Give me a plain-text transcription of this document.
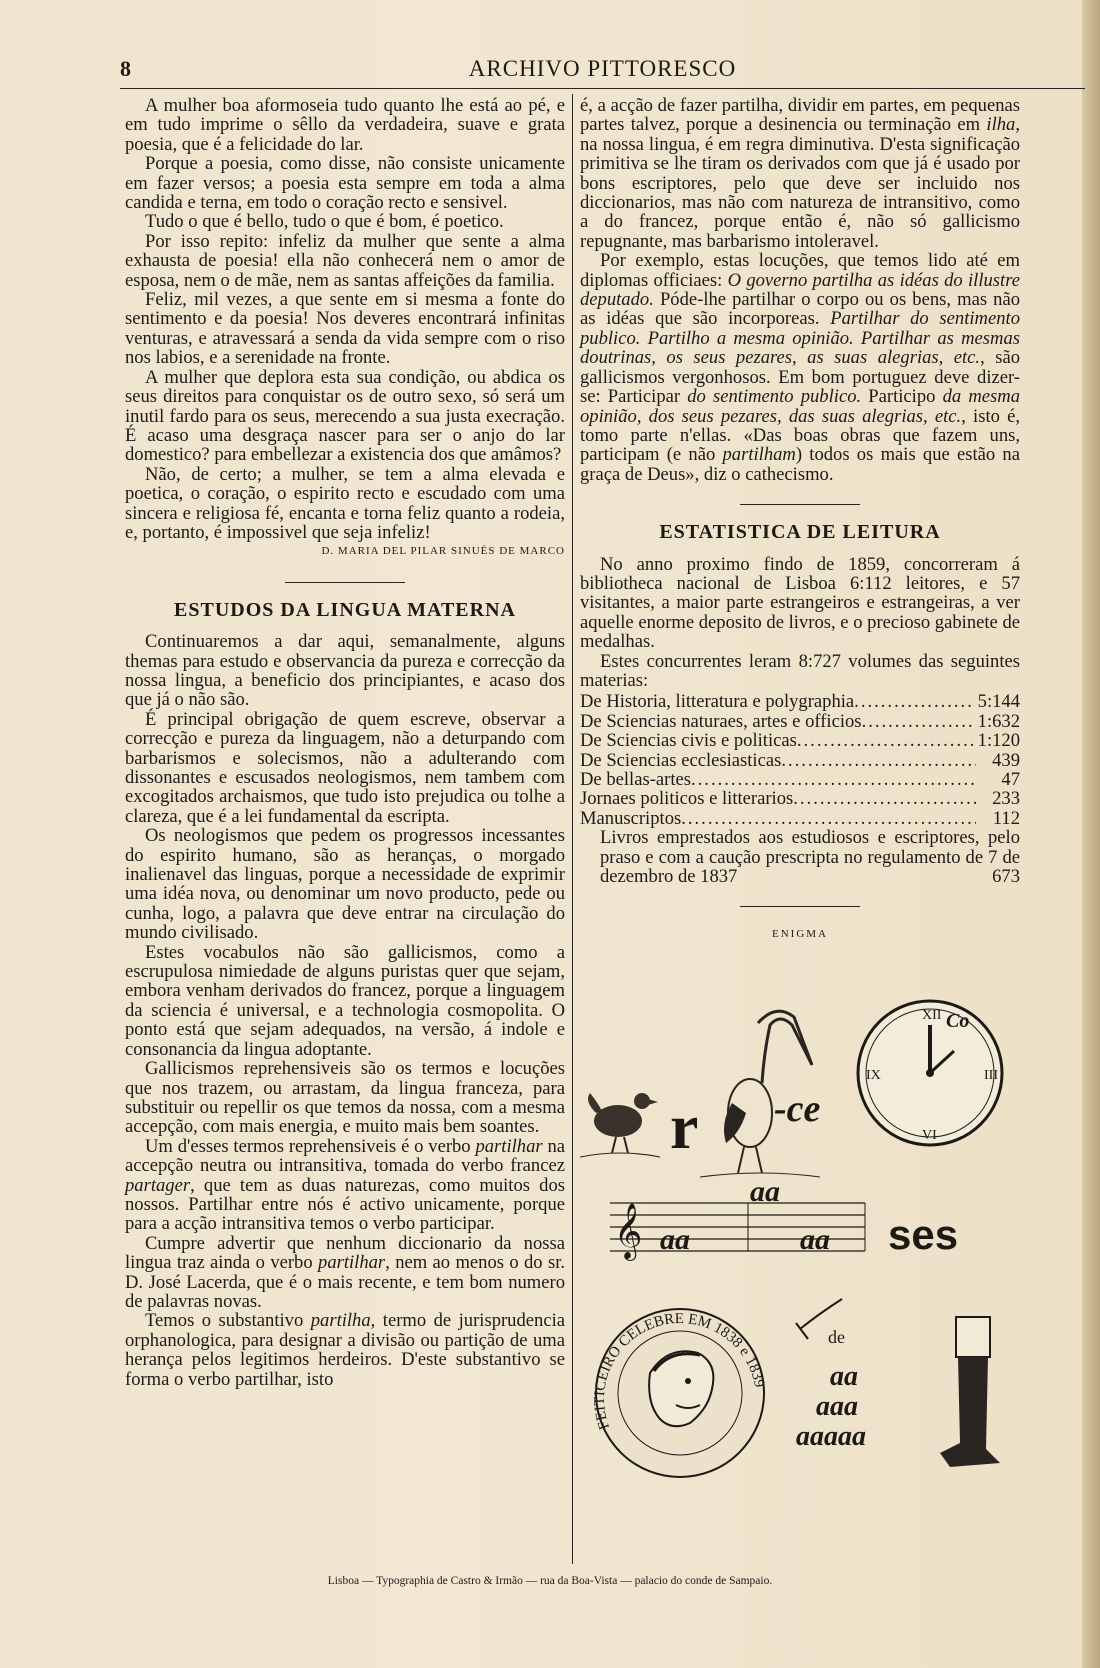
8	ARCHIVO PITTORESCO

A mulher boa aformoseia tudo quanto lhe está ao pé, e em tudo imprime o sêllo da verdadeira, suave e grata poesia, que é a felicidade do lar.

Porque a poesia, como disse, não consiste unicamente em fazer versos; a poesia esta sempre em toda a alma candida e terna, em todo o coração recto e sensivel.

Tudo o que é bello, tudo o que é bom, é poetico.

Por isso repito: infeliz da mulher que sente a alma exhausta de poesia! ella não conhecerá nem o amor de esposa, nem o de mãe, nem as santas affeições da familia.

Feliz, mil vezes, a que sente em si mesma a fonte do sentimento e da poesia! Nos deveres encontrará infinitas venturas, e atravessará a senda da vida sempre com o riso nos labios, e a serenidade na fronte.

A mulher que deplora esta sua condição, ou abdica os seus direitos para conquistar os de outro sexo, só será um inutil fardo para os seus, merecendo a sua justa execração. É acaso uma desgraça nascer para ser o anjo do lar domestico? para embellezar a existencia dos que amâmos?

Não, de certo; a mulher, se tem a alma elevada e poetica, o coração, o espirito recto e escudado com uma sincera e religiosa fé, encanta e torna feliz quanto a rodeia, e, portanto, é impossivel que seja infeliz!

D. MARIA DEL PILAR SINUÉS DE MARCO

ESTUDOS DA LINGUA MATERNA

Continuaremos a dar aqui, semanalmente, alguns themas para estudo e observancia da pureza e correcção da nossa lingua, a beneficio dos principiantes, e acaso dos que já o não são.

É principal obrigação de quem escreve, observar a correcção e pureza da linguagem, não a deturpando com barbarismos e solecismos, não a adulterando com dissonantes e escusados neologismos, nem tambem com excogitados archaismos, que tudo isto prejudica ou tolhe a clareza, que é a lei fundamental da escripta.

Os neologismos que pedem os progressos incessantes do espirito humano, são as heranças, o morgado inalienavel das linguas, porque a necessidade de exprimir uma idéa nova, ou denominar um novo producto, pede ou cunha, logo, a palavra que deve entrar na circulação do mundo civilisado.

Estes vocabulos não são gallicismos, como a escrupulosa nimiedade de alguns puristas quer que sejam, embora venham derivados do francez, porque a linguagem da sciencia é universal, e a technologia cosmopolita. O ponto está que sejam adequados, na versão, á indole e consonancia da lingua adoptante.

Gallicismos reprehensiveis são os termos e locuções que nos trazem, ou arrastam, da lingua franceza, para substituir ou repellir os que temos da nossa, com a mesma accepção, com mais energia, e muito mais bem soantes.

Um d'esses termos reprehensiveis é o verbo partilhar na accepção neutra ou intransitiva, tomada do verbo francez partager, que tem as duas naturezas, como muitos dos nossos. Partilhar entre nós é activo unicamente, porque para a acção intransitiva temos o verbo participar.

Cumpre advertir que nenhum diccionario da nossa lingua traz ainda o verbo partilhar, nem ao menos o do sr. D. José Lacerda, que é o mais recente, e tem bom numero de palavras novas.

Temos o substantivo partilha, termo de jurisprudencia orphanologica, para designar a divisão ou partição de uma herança pelos legitimos herdeiros. D'este substantivo se forma o verbo partilhar, isto

é, a acção de fazer partilha, dividir em partes, em pequenas partes talvez, porque a desinencia ou terminação em ilha, na nossa lingua, é em regra diminutiva. D'esta significação primitiva se lhe tiram os derivados com que já é usado por bons escriptores, pelo que deve ser incluido nos diccionarios, mas não com natureza de intransitivo, como a do francez, porque então é, não só gallicismo repugnante, mas barbarismo intoleravel.

Por exemplo, estas locuções, que temos lido até em diplomas officiaes: O governo partilha as idéas do illustre deputado. Póde-lhe partilhar o corpo ou os bens, mas não as idéas que são incorporeas. Partilhar do sentimento publico. Partilho a mesma opinião. Partilhar as mesmas doutrinas, os seus pezares, as suas alegrias, etc., são gallicismos vergonhosos. Em bom portuguez deve dizer-se: Participar do sentimento publico. Participo da mesma opinião, dos seus pezares, das suas alegrias, etc., isto é, tomo parte n'ellas. «Das boas obras que fazem uns, participam (e não partilham) todos os mais que estão na graça de Deus», diz o cathecismo.

ESTATISTICA DE LEITURA

No anno proximo findo de 1859, concorreram á bibliotheca nacional de Lisboa 6:112 leitores, e 57 visitantes, a maior parte estrangeiros e estrangeiras, a ver aquelle enorme deposito de livros, e o precioso gabinete de medalhas.

Estes concurrentes leram 8:727 volumes das seguintes materias:

De Historia, litteratura e polygraphia .....	5:144
De Sciencias naturaes, artes e officios .....	1:632
De Sciencias civis e politicas .....	1:120
De Sciencias ecclesiasticas .....	439
De bellas-artes .....	47
Jornaes politicos e litterarios .....	233
Manuscriptos .....	112
Livros emprestados aos estudiosos e escriptores, pelo praso e com a caução prescripta no regulamento de 7 de dezembro de 1837	673
ENIGMA
r -ce
XII
III
VI
IX
Co
𝄞
aa
aa	aa ses
FEITICEIRO CELEBRE EM 1838 e 1839
de
aa
aaa
aaaaa
Lisboa — Typographia de Castro & Irmão — rua da Boa-Vista — palacio do conde de Sampaio.
